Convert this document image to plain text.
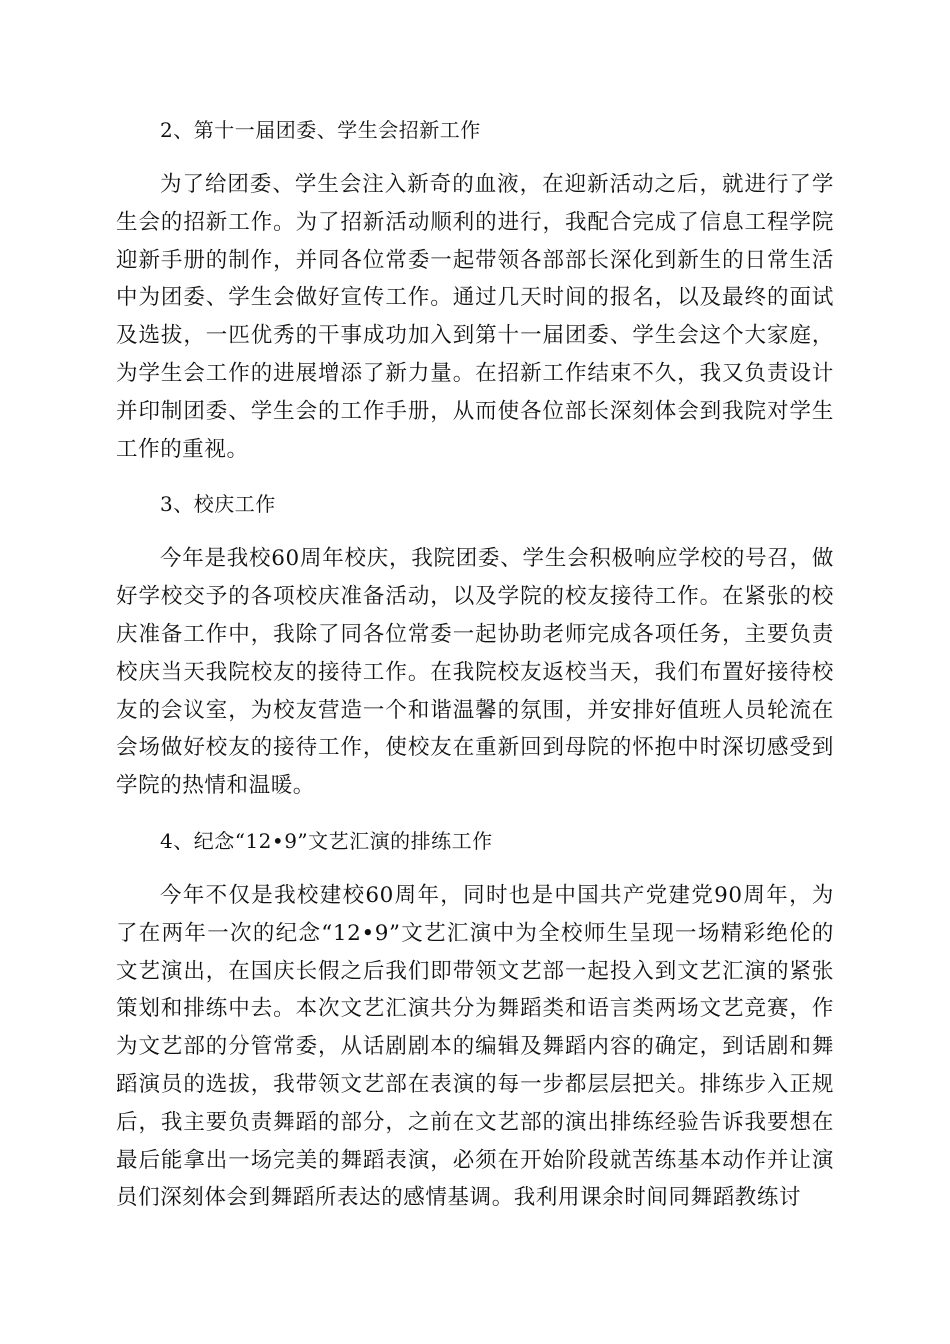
2、第十一届团委、学生会招新工作
为了给团委、学生会注入新奇的血液，在迎新活动之后，就进行了学生会的招新工作。为了招新活动顺利的进行，我配合完成了信息工程学院迎新手册的制作，并同各位常委一起带领各部部长深化到新生的日常生活中为团委、学生会做好宣传工作。通过几天时间的报名，以及最终的面试及选拔，一匹优秀的干事成功加入到第十一届团委、学生会这个大家庭，为学生会工作的进展增添了新力量。在招新工作结束不久，我又负责设计并印制团委、学生会的工作手册，从而使各位部长深刻体会到我院对学生工作的重视。
3、校庆工作
今年是我校60周年校庆，我院团委、学生会积极响应学校的号召，做好学校交予的各项校庆准备活动，以及学院的校友接待工作。在紧张的校庆准备工作中，我除了同各位常委一起协助老师完成各项任务，主要负责校庆当天我院校友的接待工作。在我院校友返校当天，我们布置好接待校友的会议室，为校友营造一个和谐温馨的氛围，并安排好值班人员轮流在会场做好校友的接待工作，使校友在重新回到母院的怀抱中时深切感受到学院的热情和温暖。
4、纪念“12•9”文艺汇演的排练工作
今年不仅是我校建校60周年，同时也是中国共产党建党90周年，为了在两年一次的纪念“12•9”文艺汇演中为全校师生呈现一场精彩绝伦的文艺演出，在国庆长假之后我们即带领文艺部一起投入到文艺汇演的紧张策划和排练中去。本次文艺汇演共分为舞蹈类和语言类两场文艺竞赛，作为文艺部的分管常委，从话剧剧本的编辑及舞蹈内容的确定，到话剧和舞蹈演员的选拔，我带领文艺部在表演的每一步都层层把关。排练步入正规后，我主要负责舞蹈的部分，之前在文艺部的演出排练经验告诉我要想在最后能拿出一场完美的舞蹈表演，必须在开始阶段就苦练基本动作并让演员们深刻体会到舞蹈所表达的感情基调。我利用课余时间同舞蹈教练讨
